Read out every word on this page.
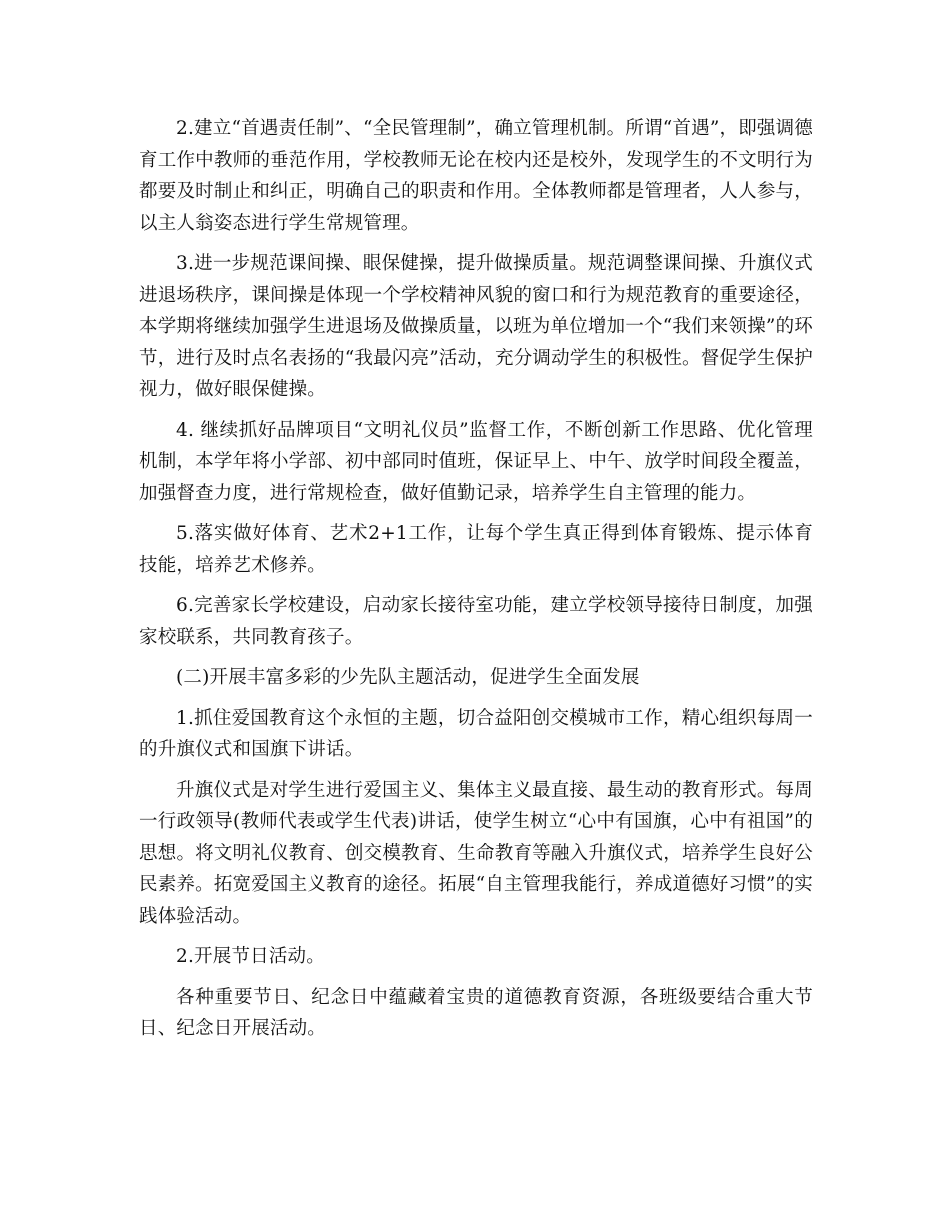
2.建立“首遇责任制”、“全民管理制”，确立管理机制。所谓“首遇”，即强调德育工作中教师的垂范作用，学校教师无论在校内还是校外，发现学生的不文明行为都要及时制止和纠正，明确自己的职责和作用。全体教师都是管理者，人人参与，以主人翁姿态进行学生常规管理。

3.进一步规范课间操、眼保健操，提升做操质量。规范调整课间操、升旗仪式进退场秩序，课间操是体现一个学校精神风貌的窗口和行为规范教育的重要途径，本学期将继续加强学生进退场及做操质量，以班为单位增加一个“我们来领操”的环节，进行及时点名表扬的“我最闪亮”活动，充分调动学生的积极性。督促学生保护视力，做好眼保健操。

4. 继续抓好品牌项目“文明礼仪员”监督工作，不断创新工作思路、优化管理机制，本学年将小学部、初中部同时值班，保证早上、中午、放学时间段全覆盖，加强督查力度，进行常规检查，做好值勤记录，培养学生自主管理的能力。

5.落实做好体育、艺术2+1工作，让每个学生真正得到体育锻炼、提示体育技能，培养艺术修养。

6.完善家长学校建设，启动家长接待室功能，建立学校领导接待日制度，加强家校联系，共同教育孩子。

(二)开展丰富多彩的少先队主题活动，促进学生全面发展

1.抓住爱国教育这个永恒的主题，切合益阳创交模城市工作，精心组织每周一的升旗仪式和国旗下讲话。

升旗仪式是对学生进行爱国主义、集体主义最直接、最生动的教育形式。每周一行政领导(教师代表或学生代表)讲话，使学生树立“心中有国旗，心中有祖国”的思想。将文明礼仪教育、创交模教育、生命教育等融入升旗仪式，培养学生良好公民素养。拓宽爱国主义教育的途径。拓展“自主管理我能行，养成道德好习惯”的实践体验活动。

2.开展节日活动。

各种重要节日、纪念日中蕴藏着宝贵的道德教育资源，各班级要结合重大节日、纪念日开展活动。
